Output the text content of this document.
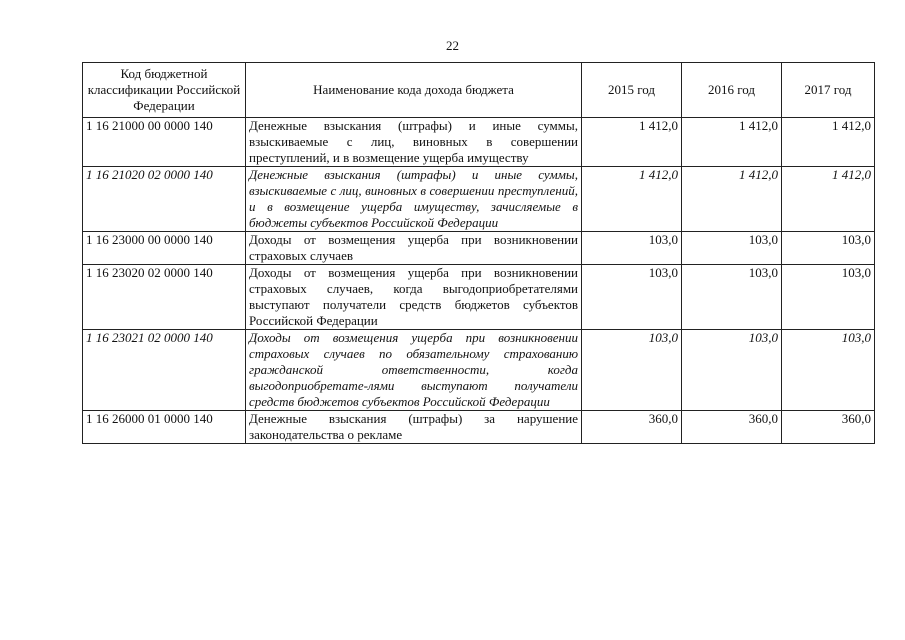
22
Код бюджетной классификации Российской Федерации	Наименование кода дохода бюджета	2015 год	2016 год	2017 год
1 16 21000 00 0000 140	Денежные взыскания (штрафы) и иные суммы, взыскиваемые с лиц, виновных в совершении преступлений, и в возмещение ущерба имуществу	1 412,0	1 412,0	1 412,0
1 16 21020 02 0000 140	Денежные взыскания (штрафы) и иные суммы, взыскиваемые с лиц, виновных в совершении преступлений, и в возмещение ущерба имуществу, зачисляемые в бюджеты субъектов Российской Федерации	1 412,0	1 412,0	1 412,0
1 16 23000 00 0000 140	Доходы от возмещения ущерба при возникновении страховых случаев	103,0	103,0	103,0
1 16 23020 02 0000 140	Доходы от возмещения ущерба при возникновении страховых случаев, когда выгодоприобретателями выступают получатели средств бюджетов субъектов Российской Федерации	103,0	103,0	103,0
1 16 23021 02 0000 140	Доходы от возмещения ущерба при возникновении страховых случаев по обязательному страхованию гражданской ответственности, когда выгодоприобретате-лями выступают получатели средств бюджетов субъектов Российской Федерации	103,0	103,0	103,0
1 16 26000 01 0000 140	Денежные взыскания (штрафы) за нарушение законодательства о рекламе	360,0	360,0	360,0
